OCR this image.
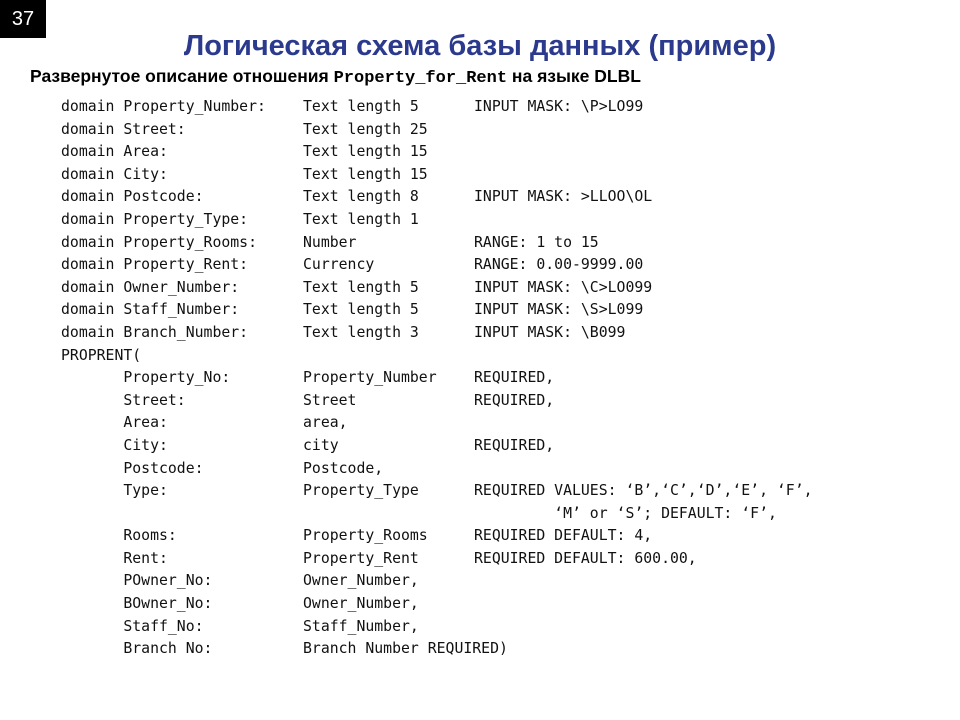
37
Логическая схема базы данных (пример)
Развернутое описание отношения Property_for_Rent на языке DLBL
domain Property_Number:	Text length 5	INPUT MASK: \P>LO99
domain Street:	Text length 25
domain Area:	Text length 15
domain City:	Text length 15
domain Postcode:	Text length 8	INPUT MASK: >LLOO\OL
domain Property_Type:	Text length 1
domain Property_Rooms:	Number	RANGE: 1 to 15
domain Property_Rent:	Currency	RANGE: 0.00-9999.00
domain Owner_Number:	Text length 5	INPUT MASK: \C>LO099
domain Staff_Number:	Text length 5	INPUT MASK: \S>L099
domain Branch_Number:	Text length 3	INPUT MASK: \B099
PROPRENT(
Property_No:	Property_Number	REQUIRED,
Street:	Street	REQUIRED,
Area:	area,
City:	city	REQUIRED,
Postcode:	Postcode,
Type:	Property_Type	REQUIRED VALUES: ‘B’,‘C’,‘D’,‘E’, ‘F’,
‘M’ or ‘S’; DEFAULT: ‘F’,
Rooms:	Property_Rooms	REQUIRED DEFAULT: 4,
Rent:	Property_Rent	REQUIRED DEFAULT: 600.00,
POwner_No:	Owner_Number,
BOwner_No:	Owner_Number,
Staff_No:	Staff_Number,
Branch No:	Branch Number REQUIRED)
